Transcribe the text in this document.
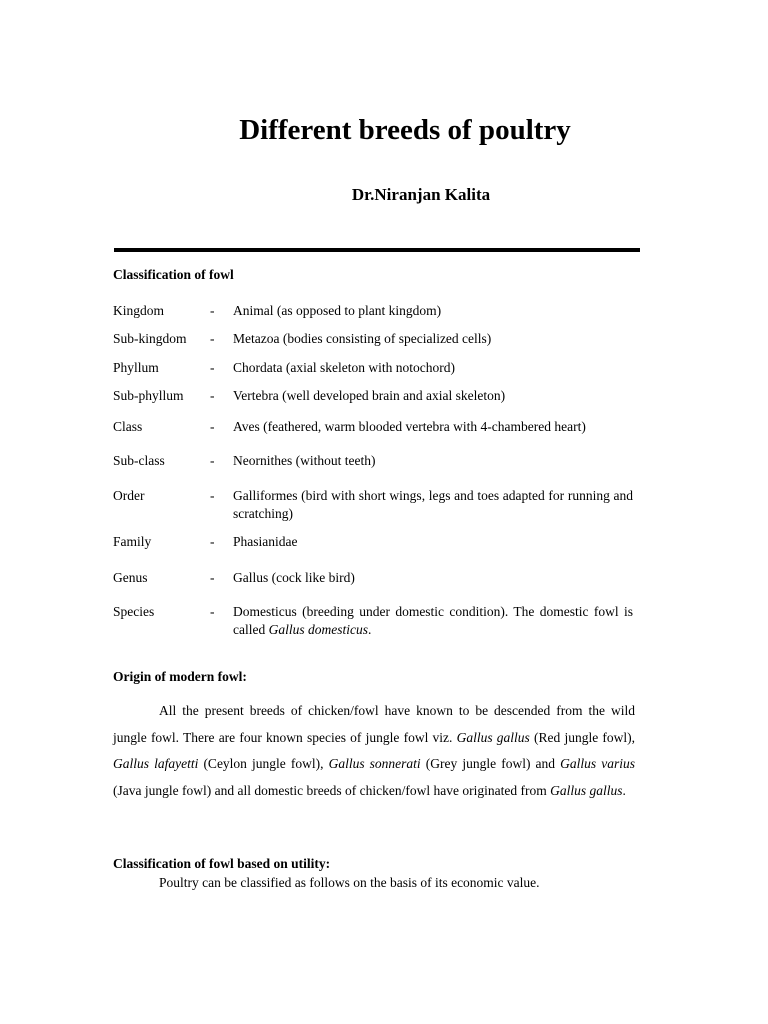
Different breeds of poultry
Dr.Niranjan Kalita
Classification of fowl
Kingdom	-	Animal (as opposed to plant kingdom)
Sub-kingdom	-	Metazoa (bodies consisting of specialized cells)
Phyllum	-	Chordata (axial skeleton with notochord)
Sub-phyllum	-	Vertebra (well developed brain and axial skeleton)
Class	-	Aves (feathered, warm blooded vertebra with 4-chambered heart)
Sub-class	-	Neornithes (without teeth)
Order	-	Galliformes (bird with short wings, legs and toes adapted for running and scratching)
Family	-	Phasianidae
Genus	-	Gallus (cock like bird)
Species	-	Domesticus (breeding under domestic condition). The domestic fowl is called Gallus domesticus.
Origin of modern fowl:

All the present breeds of chicken/fowl have known to be descended from the wild jungle fowl. There are four known species of jungle fowl viz. Gallus gallus (Red jungle fowl), Gallus lafayetti (Ceylon jungle fowl), Gallus sonnerati (Grey jungle fowl) and Gallus varius (Java jungle fowl) and all domestic breeds of chicken/fowl have originated from Gallus gallus.

Classification of fowl based on utility:

Poultry can be classified as follows on the basis of its economic value.
